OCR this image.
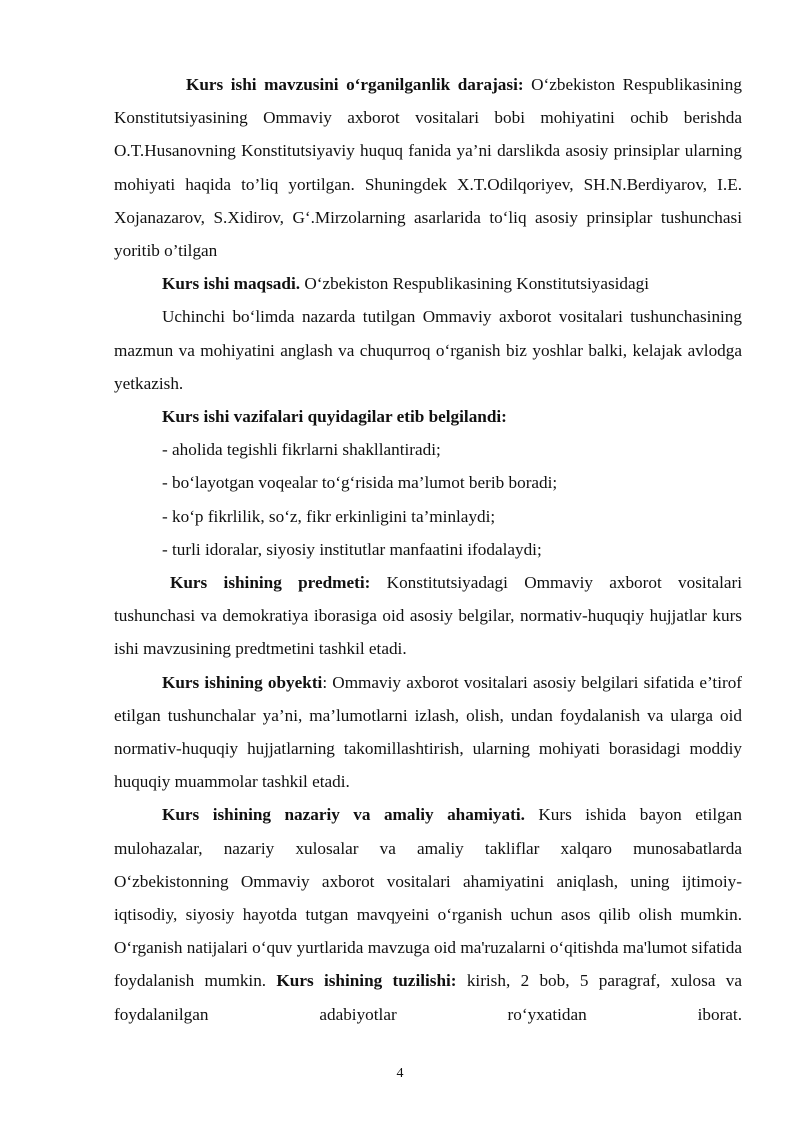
Kurs ishi mavzusini o‘rganilganlik darajasi: O‘zbekiston Respublikasining Konstitutsiyasining Ommaviy axborot vositalari bobi mohiyatini ochib berishda O.T.Husanovning Konstitutsiyaviy huquq fanida ya’ni darslikda asosiy prinsiplar ularning mohiyati haqida to’liq yortilgan. Shuningdek X.T.Odilqoriyev, SH.N.Berdiyarov, I.E. Xojanazarov, S.Xidirov, G‘.Mirzolarning asarlarida to‘liq asosiy prinsiplar tushunchasi yoritib o’tilgan

Kurs ishi maqsadi. O‘zbekiston Respublikasining Konstitutsiyasidagi

Uchinchi bo‘limda nazarda tutilgan Ommaviy axborot vositalari tushunchasining mazmun va mohiyatini anglash va chuqurroq o‘rganish biz yoshlar balki, kelajak avlodga yetkazish.

Kurs ishi vazifalari quyidagilar etib belgilandi:

- aholida tegishli fikrlarni shakllantiradi;

- bo‘layotgan voqealar to‘g‘risida ma’lumot berib boradi;

- ko‘p fikrlilik, so‘z, fikr erkinligini ta’minlaydi;

- turli idoralar, siyosiy institutlar manfaatini ifodalaydi;

Kurs ishining predmeti: Konstitutsiyadagi Ommaviy axborot vositalari tushunchasi va demokratiya iborasiga oid asosiy belgilar, normativ-huquqiy hujjatlar kurs ishi mavzusining predtmetini tashkil etadi.

Kurs ishining obyekti: Ommaviy axborot vositalari asosiy belgilari sifatida e’tirof etilgan tushunchalar ya’ni, ma’lumotlarni izlash, olish, undan foydalanish va ularga oid normativ-huquqiy hujjatlarning takomillashtirish, ularning mohiyati borasidagi moddiy huquqiy muammolar tashkil etadi.

Kurs ishining nazariy va amaliy ahamiyati. Kurs ishida bayon etilgan mulohazalar, nazariy xulosalar va amaliy takliflar xalqaro munosabatlarda O‘zbekistonning Ommaviy axborot vositalari ahamiyatini aniqlash, uning ijtimoiy-iqtisodiy, siyosiy hayotda tutgan mavqyeini o‘rganish uchun asos qilib olish mumkin. O‘rganish natijalari o‘quv yurtlarida mavzuga oid ma'ruzalarni o‘qitishda ma'lumot sifatida foydalanish mumkin. Kurs ishining tuzilishi: kirish, 2 bob, 5 paragraf, xulosa va foydalanilgan adabiyotlar ro‘yxatidan iborat.

4
